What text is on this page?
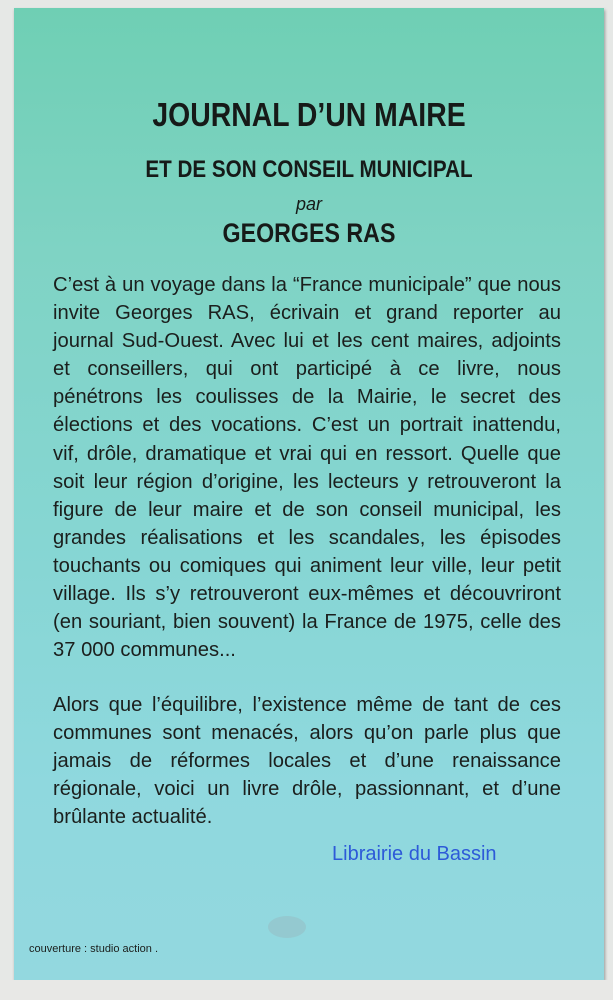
JOURNAL D’UN MAIRE
ET DE SON CONSEIL MUNICIPAL
par
GEORGES RAS
C’est à un voyage dans la “France municipale” que nous invite Georges RAS, écrivain et grand reporter au journal Sud-Ouest. Avec lui et les cent maires, adjoints et conseillers, qui ont participé à ce livre, nous pénétrons les coulisses de la Mairie, le secret des élections et des vocations. C’est un portrait inattendu, vif, drôle, dramatique et vrai qui en ressort. Quelle que soit leur région d’origine, les lecteurs y retrouveront la figure de leur maire et de son conseil municipal, les grandes réalisations et les scandales, les épisodes touchants ou comiques qui animent leur ville, leur petit village. Ils s’y retrouveront eux-mêmes et découvriront (en souriant, bien souvent) la France de 1975, celle des 37 000 communes...
Alors que l’équilibre, l’existence même de tant de ces communes sont menacés, alors qu’on parle plus que jamais de réformes locales et d’une renaissance régionale, voici un livre drôle, passionnant, et d’une brûlante actualité.
Librairie du Bassin
couverture : studio action .
